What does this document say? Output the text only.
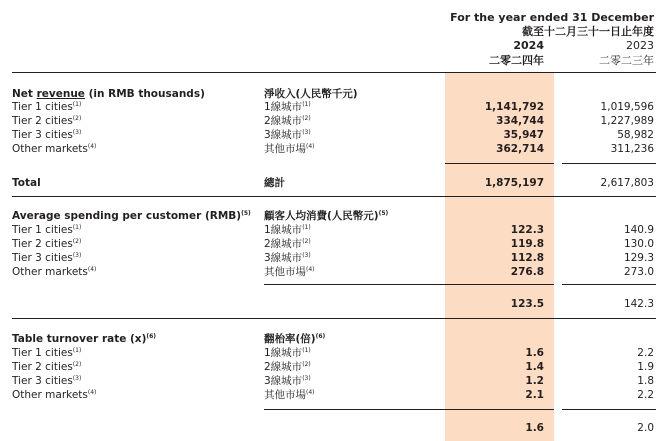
For the year ended 31 December
截至十二月三十一日止年度
2024	2023
二零二四年	二零二三年
Net revenue (in RMB thousands)	淨收入(人民幣千元)
Tier 1 cities$^{(1)}$	1線城市$^{(1)}$	1,141,792	1,019,596
Tier 2 cities$^{(2)}$	2線城市$^{(2)}$	334,744	1,227,989
Tier 3 cities$^{(3)}$	3線城市$^{(3)}$	35,947	58,982
Other markets$^{(4)}$	其他市場$^{(4)}$	362,714	311,236
Total	總計	1,875,197	2,617,803
Average spending per customer (RMB)$^{(5)}$ 顧客人均消費(人民幣元)$^{(5)}$
Tier 1 cities$^{(1)}$	1線城市$^{(1)}$	122.3	140.9
Tier 2 cities$^{(2)}$	2線城市$^{(2)}$	119.8	130.0
Tier 3 cities$^{(3)}$	3線城市$^{(3)}$	112.8	129.3
Other markets$^{(4)}$	其他市場$^{(4)}$	276.8	273.0
123.5	142.3
Table turnover rate $(x)^{(6)}$	翻枱率(倍)$^{(6)}$
Tier 1 cities$^{(1)}$	1線城市$^{(1)}$	1.6	2.2
Tier 2 cities$^{(2)}$	2線城市$^{(2)}$	1.4	1.9
Tier 3 cities$^{(3)}$	3線城市$^{(3)}$	1.2	1.8
Other markets$^{(4)}$	其他市場$^{(4)}$	2.1	2.2
1.6	2.0
